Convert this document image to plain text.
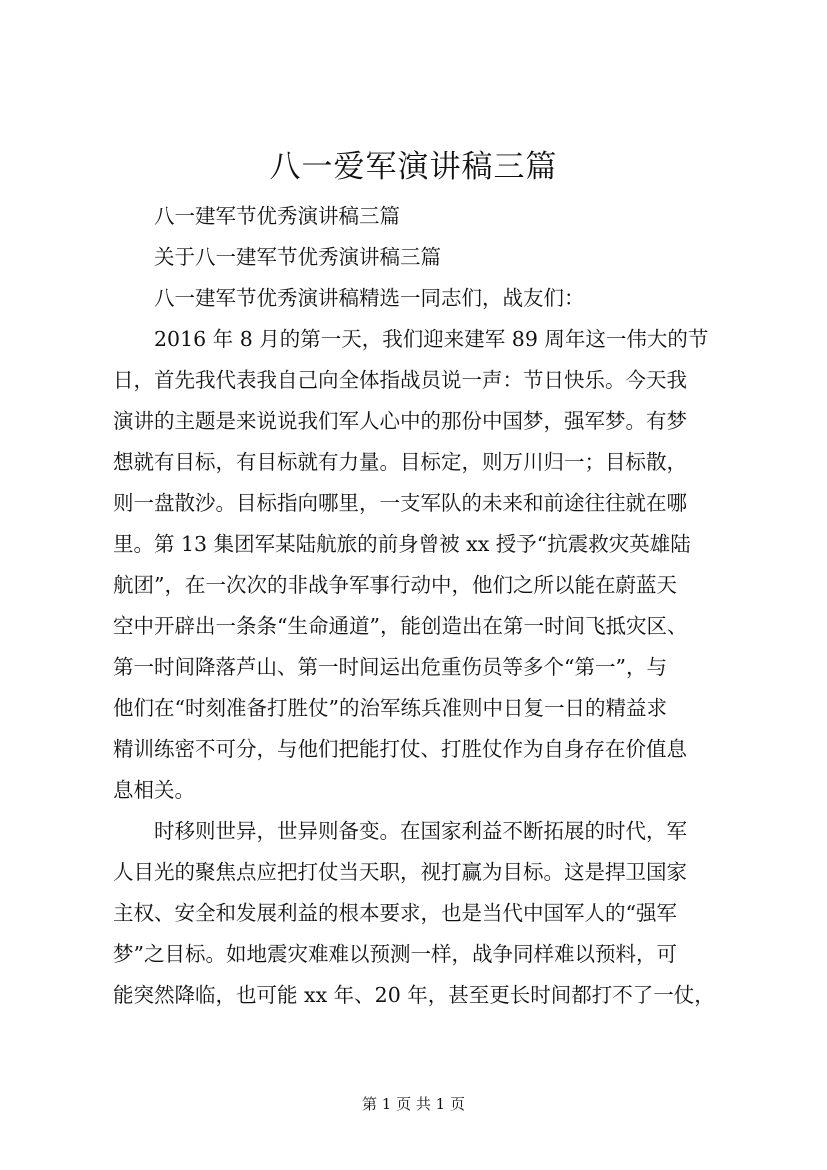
八一爱军演讲稿三篇
八一建军节优秀演讲稿三篇
关于八一建军节优秀演讲稿三篇
八一建军节优秀演讲稿精选一同志们，战友们：
2016 年 8 月的第一天，我们迎来建军 89 周年这一伟大的节
日，首先我代表我自己向全体指战员说一声：节日快乐。今天我
演讲的主题是来说说我们军人心中的那份中国梦，强军梦。有梦
想就有目标，有目标就有力量。目标定，则万川归一；目标散，
则一盘散沙。目标指向哪里，一支军队的未来和前途往往就在哪
里。第 13 集团军某陆航旅的前身曾被 xx 授予“抗震救灾英雄陆
航团”，在一次次的非战争军事行动中，他们之所以能在蔚蓝天
空中开辟出一条条“生命通道”，能创造出在第一时间飞抵灾区、
第一时间降落芦山、第一时间运出危重伤员等多个“第一”，与
他们在“时刻准备打胜仗”的治军练兵准则中日复一日的精益求
精训练密不可分，与他们把能打仗、打胜仗作为自身存在价值息
息相关。
时移则世异，世异则备变。在国家利益不断拓展的时代，军
人目光的聚焦点应把打仗当天职，视打赢为目标。这是捍卫国家
主权、安全和发展利益的根本要求，也是当代中国军人的“强军
梦”之目标。如地震灾难难以预测一样，战争同样难以预料，可
能突然降临，也可能 xx 年、20 年，甚至更长时间都打不了一仗，
第 1 页 共 1 页
